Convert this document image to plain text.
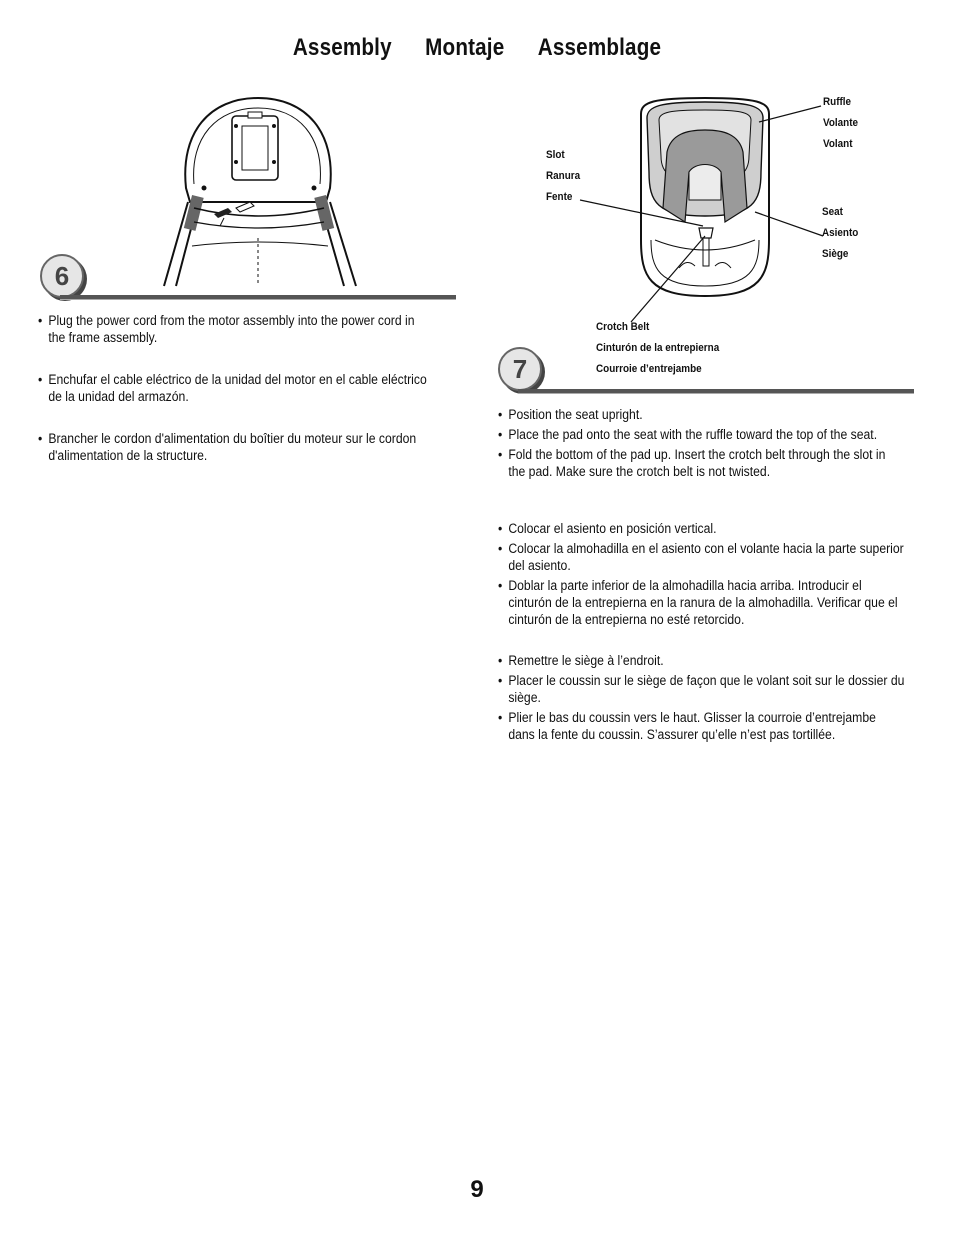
Assembly Montaje Assemblage
6
• Plug the power cord from the motor assembly into the power cord in the frame assembly.
• Enchufar el cable eléctrico de la unidad del motor en el cable eléctrico de la unidad del armazón.
• Brancher le cordon d'alimentation du boîtier du moteur sur le cordon d'alimentation de la structure.
Ruffle
Volante
Volant
Slot
Ranura
Fente
Seat
Asiento
Siège
Crotch Belt
Cinturón de la entrepierna
Courroie d’entrejambe
7
• Position the seat upright.
• Place the pad onto the seat with the ruffle toward the top of the seat.
• Fold the bottom of the pad up. Insert the crotch belt through the slot in the pad. Make sure the crotch belt is not twisted.
• Colocar el asiento en posición vertical.
• Colocar la almohadilla en el asiento con el volante hacia la parte superior del asiento.
• Doblar la parte inferior de la almohadilla hacia arriba. Introducir el cinturón de la entrepierna en la ranura de la almohadilla. Verificar que el cinturón de la entrepierna no esté retorcido.
• Remettre le siège à l’endroit.
• Placer le coussin sur le siège de façon que le volant soit sur le dossier du siège.
• Plier le bas du coussin vers le haut. Glisser la courroie d’entrejambe dans la fente du coussin. S’assurer qu’elle n’est pas tortillée.
9
